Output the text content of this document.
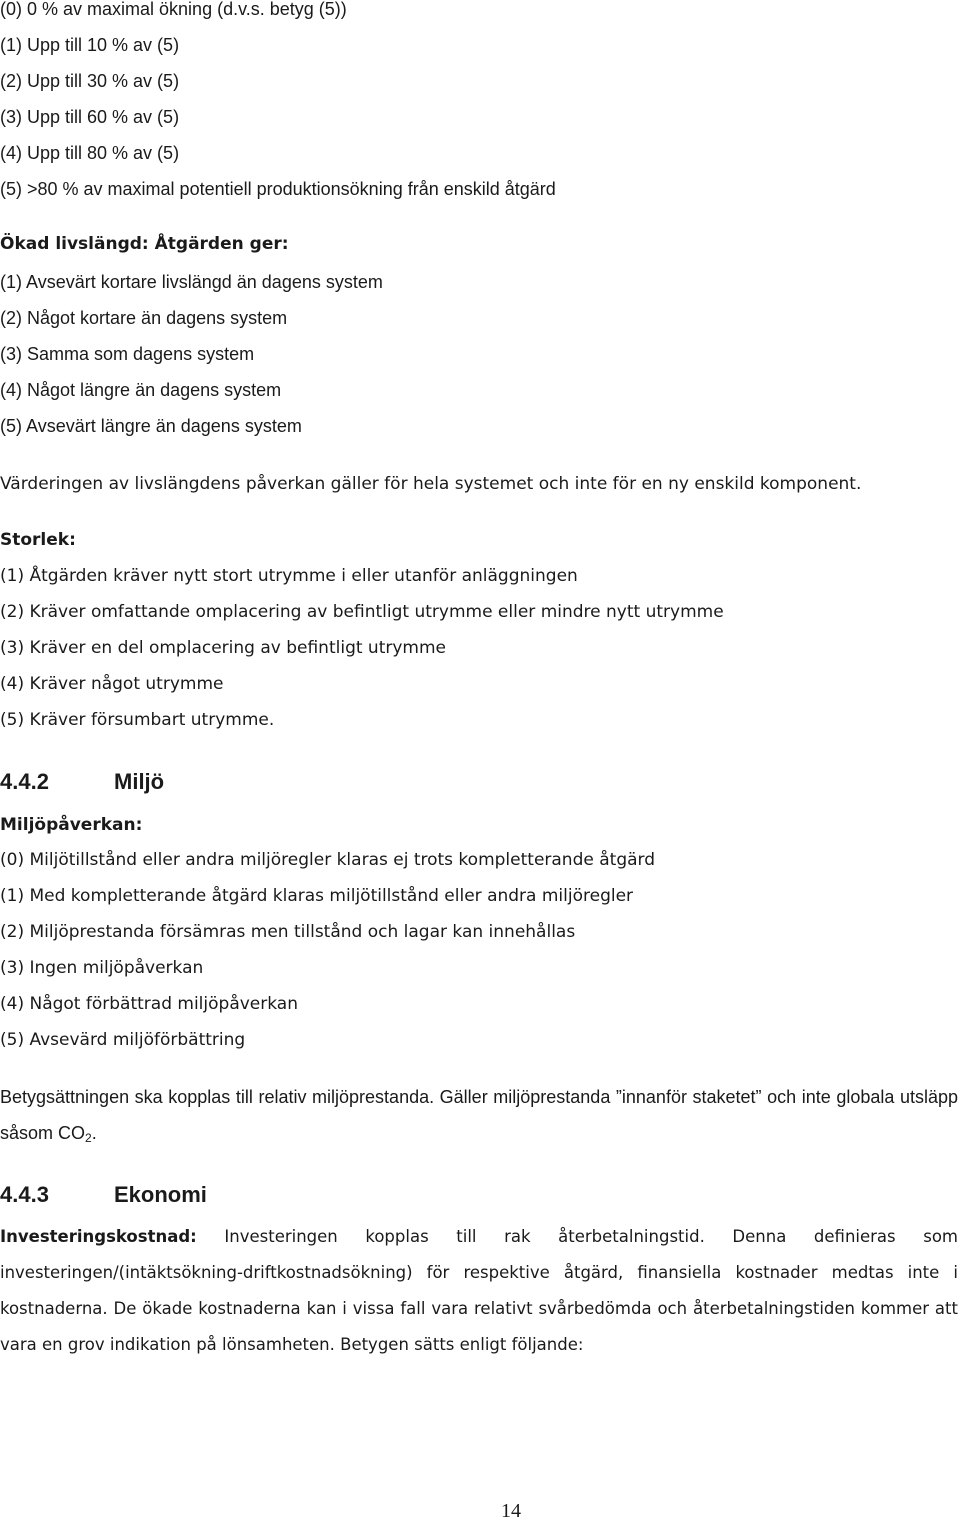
(0) 0 % av maximal ökning (d.v.s. betyg (5))
(1) Upp till 10 % av (5)
(2) Upp till 30 % av (5)
(3) Upp till 60 % av (5)
(4) Upp till 80 % av (5)
(5) >80 % av maximal potentiell produktionsökning från enskild åtgärd
Ökad livslängd: Åtgärden ger:
(1) Avsevärt kortare livslängd än dagens system
(2) Något kortare än dagens system
(3) Samma som dagens system
(4) Något längre än dagens system
(5) Avsevärt längre än dagens system
Värderingen av livslängdens påverkan gäller för hela systemet och inte för en ny enskild komponent.
Storlek:
(1) Åtgärden kräver nytt stort utrymme i eller utanför anläggningen
(2) Kräver omfattande omplacering av befintligt utrymme eller mindre nytt utrymme
(3) Kräver en del omplacering av befintligt utrymme
(4) Kräver något utrymme
(5) Kräver försumbart utrymme.
4.4.2	Miljö
Miljöpåverkan:
(0) Miljötillstånd eller andra miljöregler klaras ej trots kompletterande åtgärd
(1) Med kompletterande åtgärd klaras miljötillstånd eller andra miljöregler
(2) Miljöprestanda försämras men tillstånd och lagar kan innehållas
(3) Ingen miljöpåverkan
(4) Något förbättrad miljöpåverkan
(5) Avsevärd miljöförbättring
Betygsättningen ska kopplas till relativ miljöprestanda. Gäller miljöprestanda ”innanför staketet” och inte globala utsläpp såsom $CO_2$.
4.4.3	Ekonomi
Investeringskostnad: Investeringen kopplas till rak återbetalningstid. Denna definieras som investeringen/(intäktsökning-driftkostnadsökning) för respektive åtgärd, finansiella kostnader medtas inte i kostnaderna. De ökade kostnaderna kan i vissa fall vara relativt svårbedömda och återbetalningstiden kommer att vara en grov indikation på lönsamheten. Betygen sätts enligt följande:
14
